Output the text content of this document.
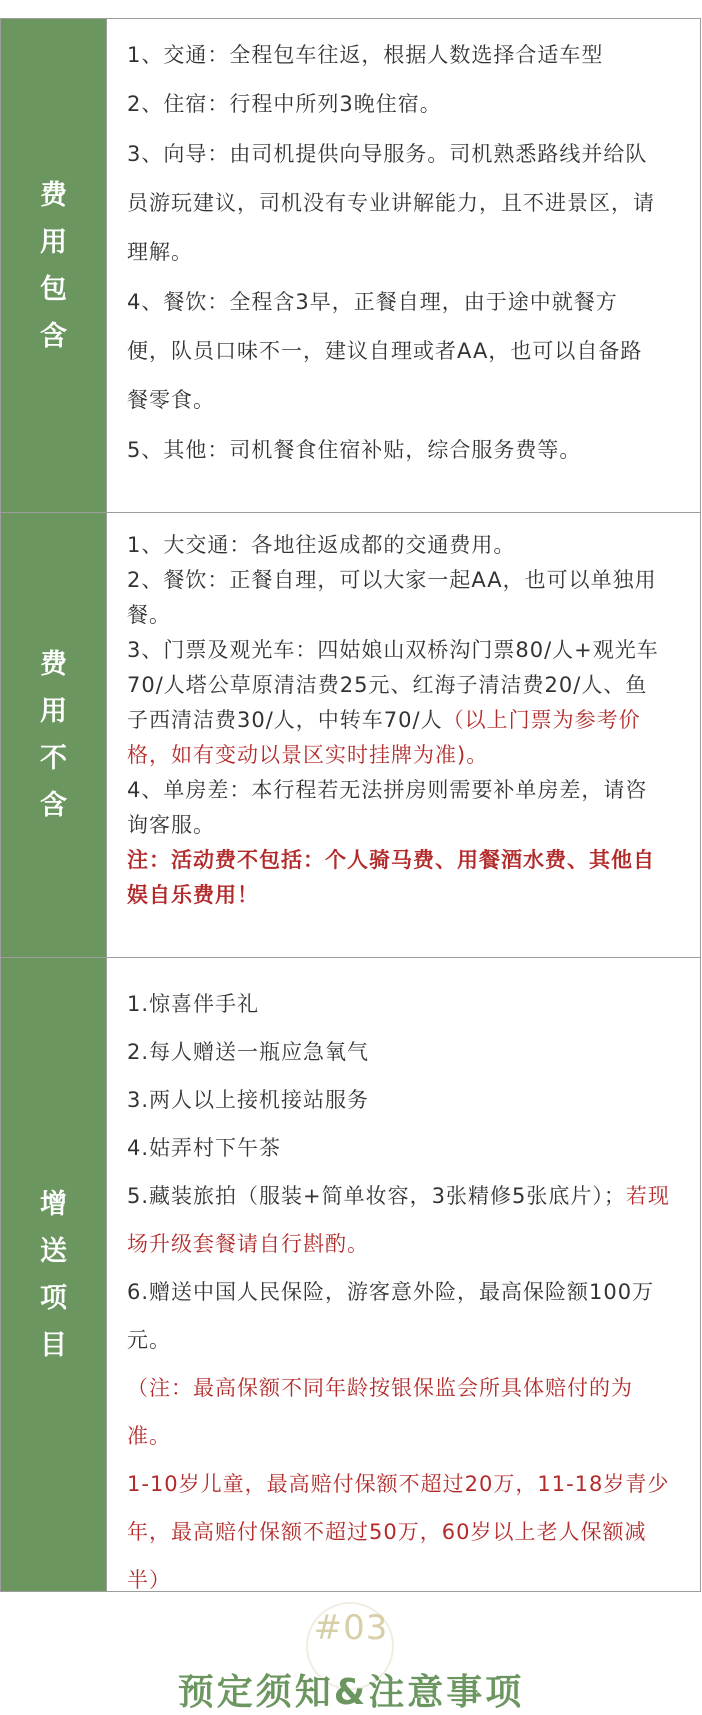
费
用
包
含
1、交通：全程包车往返，根据人数选择合适车型
2、住宿：行程中所列3晚住宿。
3、向导：由司机提供向导服务。司机熟悉路线并给队
员游玩建议，司机没有专业讲解能力，且不进景区，请
理解。
4、餐饮：全程含3早，正餐自理，由于途中就餐方
便，队员口味不一，建议自理或者AA，也可以自备路
餐零食。
5、其他：司机餐食住宿补贴，综合服务费等。
费
用
不
含
1、大交通：各地往返成都的交通费用。
2、餐饮：正餐自理，可以大家一起AA，也可以单独用
餐。
3、门票及观光车：四姑娘山双桥沟门票80/人+观光车
70/人塔公草原清洁费25元、红海子清洁费20/人、鱼
子西清洁费30/人，中转车70/人（以上门票为参考价
格，如有变动以景区实时挂牌为准)。
4、单房差：本行程若无法拼房则需要补单房差，请咨
询客服。
注：活动费不包括：个人骑马费、用餐酒水费、其他自
娱自乐费用！
增
送
项
目
1.惊喜伴手礼
2.每人赠送一瓶应急氧气
3.两人以上接机接站服务
4.姑弄村下午茶
5.藏装旅拍（服装+简单妆容，3张精修5张底片）；若现
场升级套餐请自行斟酌。
6.赠送中国人民保险，游客意外险，最高保险额100万
元。
（注：最高保额不同年龄按银保监会所具体赔付的为
准。
1-10岁儿童，最高赔付保额不超过20万，11-18岁青少
年，最高赔付保额不超过50万，60岁以上老人保额减
半）
#03
预定须知&注意事项
